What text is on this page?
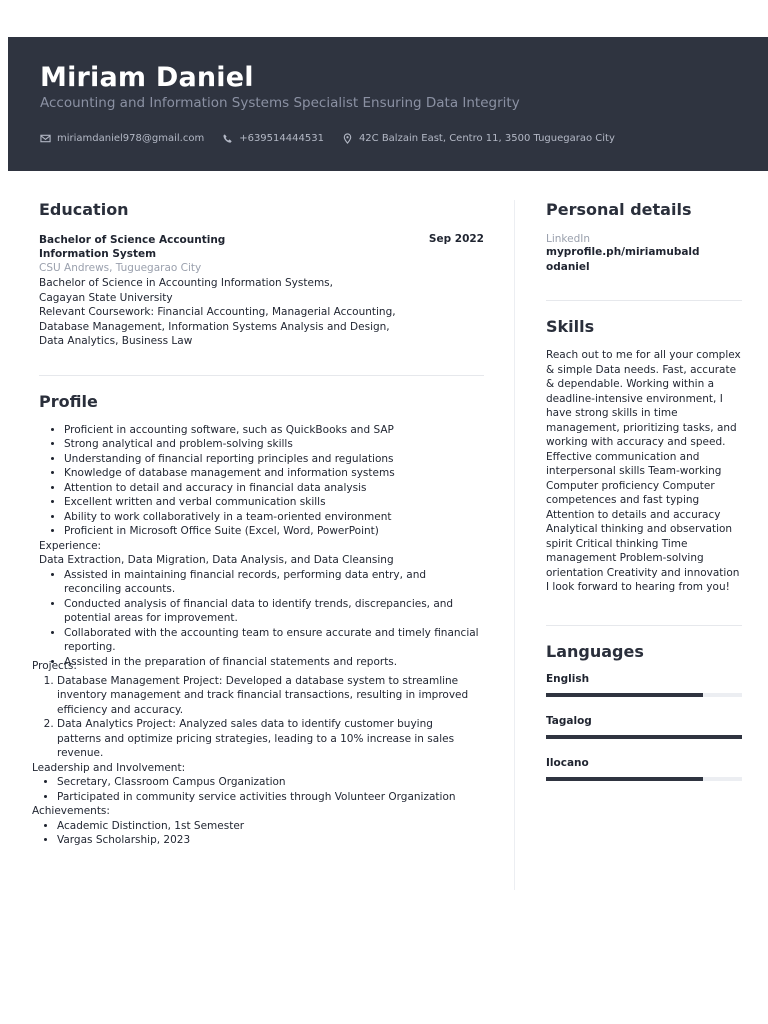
Miriam Daniel
Accounting and Information Systems Specialist Ensuring Data Integrity
miriamdaniel978@gmail.com	+639514444531	42C Balzain East, Centro 11, 3500 Tuguegarao City
Education
Bachelor of Science Accounting Information System
Sep 2022
CSU Andrews, Tuguegarao City
Bachelor of Science in Accounting Information Systems,
Cagayan State University
Relevant Coursework: Financial Accounting, Managerial Accounting,
Database Management, Information Systems Analysis and Design,
Data Analytics, Business Law
Profile
• Proficient in accounting software, such as QuickBooks and SAP
• Strong analytical and problem-solving skills
• Understanding of financial reporting principles and regulations
• Knowledge of database management and information systems
• Attention to detail and accuracy in financial data analysis
• Excellent written and verbal communication skills
• Ability to work collaboratively in a team-oriented environment
• Proficient in Microsoft Office Suite (Excel, Word, PowerPoint)
Experience:
Data Extraction, Data Migration, Data Analysis, and Data Cleansing
• Assisted in maintaining financial records, performing data entry, and reconciling accounts.
• Conducted analysis of financial data to identify trends, discrepancies, and potential areas for improvement.
• Collaborated with the accounting team to ensure accurate and timely financial reporting.
• Assisted in the preparation of financial statements and reports.
Projects:
1. Database Management Project: Developed a database system to streamline inventory management and track financial transactions, resulting in improved efficiency and accuracy.
2. Data Analytics Project: Analyzed sales data to identify customer buying patterns and optimize pricing strategies, leading to a 10% increase in sales revenue.
Leadership and Involvement:
• Secretary, Classroom Campus Organization
• Participated in community service activities through Volunteer Organization
Achievements:
• Academic Distinction, 1st Semester
• Vargas Scholarship, 2023
Personal details
LinkedIn
myprofile.ph/miriamubaldodaniel
Skills
Reach out to me for all your complex & simple Data needs. Fast, accurate & dependable. Working within a deadline-intensive environment, I have strong skills in time management, prioritizing tasks, and working with accuracy and speed. Effective communication and interpersonal skills Team-working Computer proficiency Computer competences and fast typing Attention to details and accuracy Analytical thinking and observation spirit Critical thinking Time management Problem-solving orientation Creativity and innovation I look forward to hearing from you!
Languages
English
Tagalog
Ilocano
